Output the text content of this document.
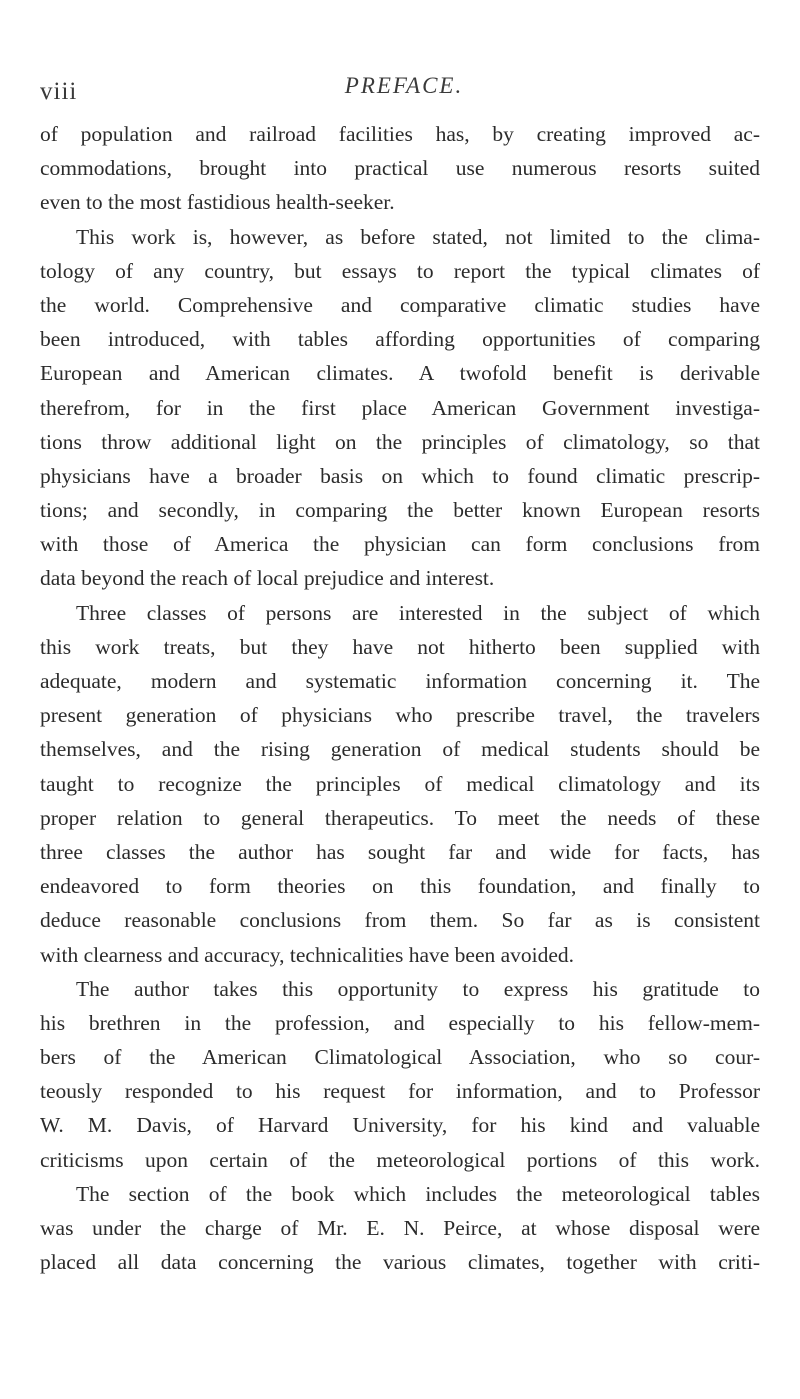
viii	PREFACE.
of population and railroad facilities has, by creating improved ac-
commodations, brought into practical use numerous resorts suited
even to the most fastidious health-seeker.
This work is, however, as before stated, not limited to the clima-
tology of any country, but essays to report the typical climates of
the world. Comprehensive and comparative climatic studies have
been introduced, with tables affording opportunities of comparing
European and American climates. A twofold benefit is derivable
therefrom, for in the first place American Government investiga-
tions throw additional light on the principles of climatology, so that
physicians have a broader basis on which to found climatic prescrip-
tions; and secondly, in comparing the better known European resorts
with those of America the physician can form conclusions from
data beyond the reach of local prejudice and interest.
Three classes of persons are interested in the subject of which
this work treats, but they have not hitherto been supplied with
adequate, modern and systematic information concerning it. The
present generation of physicians who prescribe travel, the travelers
themselves, and the rising generation of medical students should be
taught to recognize the principles of medical climatology and its
proper relation to general therapeutics. To meet the needs of these
three classes the author has sought far and wide for facts, has
endeavored to form theories on this foundation, and finally to
deduce reasonable conclusions from them. So far as is consistent
with clearness and accuracy, technicalities have been avoided.
The author takes this opportunity to express his gratitude to
his brethren in the profession, and especially to his fellow-mem-
bers of the American Climatological Association, who so cour-
teously responded to his request for information, and to Professor
W. M. Davis, of Harvard University, for his kind and valuable
criticisms upon certain of the meteorological portions of this work.
The section of the book which includes the meteorological tables
was under the charge of Mr. E. N. Peirce, at whose disposal were
placed all data concerning the various climates, together with criti-
